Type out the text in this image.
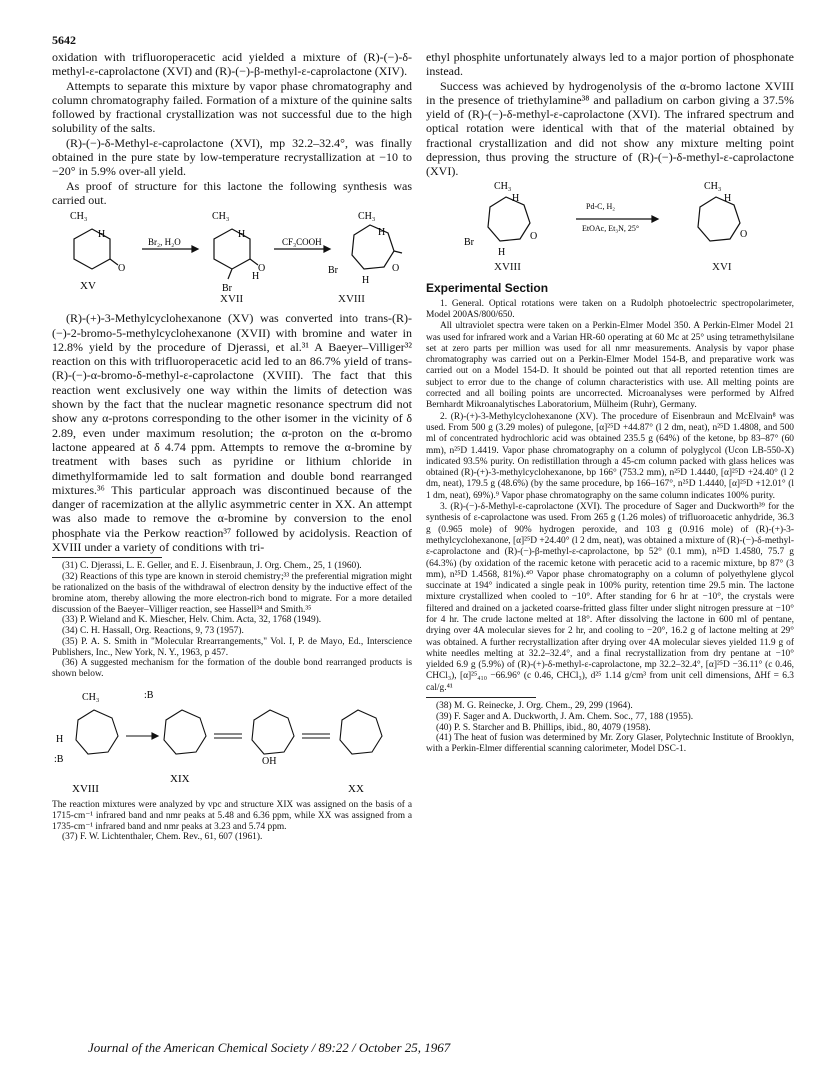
5642

oxidation with trifluoroperacetic acid yielded a mixture of (R)-(−)-δ-methyl-ε-caprolactone (XVI) and (R)-(−)-β-methyl-ε-caprolactone (XIV).

Attempts to separate this mixture by vapor phase chromatography and column chromatography failed. Formation of a mixture of the quinine salts followed by fractional crystallization was not successful due to the high solubility of the salts.

(R)-(−)-δ-Methyl-ε-caprolactone (XVI), mp 32.2–32.4°, was finally obtained in the pure state by low-temperature recrystallization at −10 to −20° in 5.9% over-all yield.

As proof of structure for this lactone the following synthesis was carried out.

CH₃
H
O
XV
Br₂, H₂O
CH₃
H
O
H
Br
CF₃COOH
CH₃
H
Br
H
O
XVII	XVIII

(R)-(+)-3-Methylcyclohexanone (XV) was converted into trans-(R)-(−)-2-bromo-5-methylcyclohexanone (XVII) with bromine and water in 12.8% yield by the procedure of Djerassi, et al.³¹ A Baeyer–Villiger³² reaction on this with trifluoroperacetic acid led to an 86.7% yield of trans-(R)-(−)-α-bromo-δ-methyl-ε-caprolactone (XVIII). The fact that this reaction went exclusively one way within the limits of detection was shown by the fact that the nuclear magnetic resonance spectrum did not show any α-protons corresponding to the other isomer in the vicinity of δ 2.89, even under maximum resolution; the α-proton on the α-bromo lactone appeared at δ 4.74 ppm. Attempts to remove the α-bromine by treatment with bases such as pyridine or lithium chloride in dimethylformamide led to salt formation and double bond rearranged mixtures.³⁶ This particular approach was discontinued because of the danger of racemization at the allylic asymmetric center in XX. An attempt was also made to remove the α-bromine by conversion to the enol phosphate via the Perkow reaction³⁷ followed by acidolysis. Reaction of XVIII under a variety of conditions with tri-

(31) C. Djerassi, L. E. Geller, and E. J. Eisenbraun, J. Org. Chem., 25, 1 (1960).

(32) Reactions of this type are known in steroid chemistry;³³ the preferential migration might be rationalized on the basis of the withdrawal of electron density by the inductive effect of the bromine atom, thereby allowing the more electron-rich bond to migrate. For a more detailed discussion of the Baeyer–Villiger reaction, see Hassell³⁴ and Smith.³⁵

(33) P. Wieland and K. Miescher, Helv. Chim. Acta, 32, 1768 (1949).

(34) C. H. Hassall, Org. Reactions, 9, 73 (1957).

(35) P. A. S. Smith in "Molecular Rrearrangements," Vol. I, P. de Mayo, Ed., Interscience Publishers, Inc., New York, N. Y., 1963, p 457.

(36) A suggested mechanism for the formation of the double bond rearranged products is shown below.

CH₃
H
:B
:B
OH
XVIII
XIX
XX

The reaction mixtures were analyzed by vpc and structure XIX was assigned on the basis of a 1715-cm⁻¹ infrared band and nmr peaks at 5.48 and 6.36 ppm, while XX was assigned from a 1735-cm⁻¹ infrared band and nmr peaks at 3.23 and 5.74 ppm.

(37) F. W. Lichtenthaler, Chem. Rev., 61, 607 (1961).

ethyl phosphite unfortunately always led to a major portion of phosphonate instead.

Success was achieved by hydrogenolysis of the α-bromo lactone XVIII in the presence of triethylamine³⁸ and palladium on carbon giving a 37.5% yield of (R)-(−)-δ-methyl-ε-caprolactone (XVI). The infrared spectrum and optical rotation were identical with that of the material obtained by fractional crystallization and did not show any mixture melting point depression, thus proving the structure of (R)-(−)-δ-methyl-ε-caprolactone (XVI).

CH₃
H
Br
H
O
Pd-C, H₂
EtOAc, Et₃N, 25°
CH₃
H
O
XVIII	XVI
Experimental Section

1. General. Optical rotations were taken on a Rudolph photoelectric spectropolarimeter, Model 200AS/800/650.

All ultraviolet spectra were taken on a Perkin-Elmer Model 350. A Perkin-Elmer Model 21 was used for infrared work and a Varian HR-60 operating at 60 Mc at 25° using tetramethylsilane set at zero parts per million was used for all nmr measurements. Analysis by vapor phase chromatography was carried out on a Perkin-Elmer Model 154-B, and preparative work was carried out on a Model 154-D. It should be pointed out that all reported retention times are subject to error due to the change of column characteristics with use. All melting points are corrected and all boiling points are uncorrected. Microanalyses were performed by Alfred Bernhardt Mikroanalytisches Laboratorium, Mülheim (Ruhr), Germany.

2. (R)-(+)-3-Methylcyclohexanone (XV). The procedure of Eisenbraun and McElvain⁸ was used. From 500 g (3.29 moles) of pulegone, [α]²⁵D +44.87° (l 2 dm, neat), n²⁵D 1.4808, and 500 ml of concentrated hydrochloric acid was obtained 235.5 g (64%) of the ketone, bp 83–87° (60 mm), n²⁵D 1.4419. Vapor phase chromatography on a column of polyglycol (Ucon LB-550-X) indicated 93.5% purity. On redistillation through a 45-cm column packed with glass helices was obtained (R)-(+)-3-methylcyclohexanone, bp 166° (753.2 mm), n²⁵D 1.4440, [α]²⁵D +24.40° (l 2 dm, neat), 179.5 g (48.6%) (by the same procedure, bp 166–167°, n²⁵D 1.4440, [α]²⁵D +12.01° (l 1 dm, neat), 69%).⁹ Vapor phase chromatography on the same column indicates 100% purity.

3. (R)-(−)-δ-Methyl-ε-caprolactone (XVI). The procedure of Sager and Duckworth³⁹ for the synthesis of ε-caprolactone was used. From 265 g (1.26 moles) of trifluoroacetic anhydride, 36.3 g (0.965 mole) of 90% hydrogen peroxide, and 103 g (0.916 mole) of (R)-(+)-3-methylcyclohexanone, [α]²⁵D +24.40° (l 2 dm, neat), was obtained a mixture of (R)-(−)-δ-methyl-ε-caprolactone and (R)-(−)-β-methyl-ε-caprolactone, bp 52° (0.1 mm), n²⁵D 1.4580, 75.7 g (64.3%) (by oxidation of the racemic ketone with peracetic acid to a racemic mixture, bp 87° (3 mm), n²⁵D 1.4568, 81%).⁴⁰ Vapor phase chromatography on a column of polyethylene glycol succinate at 194° indicated a single peak in 100% purity, retention time 29.5 min. The lactone mixture crystallized when cooled to −10°. After standing for 6 hr at −10°, the crystals were filtered and drained on a jacketed coarse-fritted glass filter under slight nitrogen pressure at −10° for 4 hr. The crude lactone melted at 18°. After dissolving the lactone in 600 ml of pentane, drying over 4A molecular sieves for 2 hr, and cooling to −20°, 16.2 g of lactone melting at 29° was obtained. A further recrystallization after drying over 4A molecular sieves yielded 11.9 g of white needles melting at 32.2–32.4°, and a final recrystallization from dry pentane at −10° yielded 6.9 g (5.9%) of (R)-(+)-δ-methyl-ε-caprolactone, mp 32.2–32.4°, [α]²⁵D −36.11° (c 0.46, CHCl₃), [α]²⁵₄₁₀ −66.96° (c 0.46, CHCl₃), d²⁵ 1.14 g/cm³ from unit cell dimensions, ΔHf = 6.3 cal/g.⁴¹

(38) M. G. Reinecke, J. Org. Chem., 29, 299 (1964).

(39) F. Sager and A. Duckworth, J. Am. Chem. Soc., 77, 188 (1955).

(40) P. S. Starcher and B. Phillips, ibid., 80, 4079 (1958).

(41) The heat of fusion was determined by Mr. Zory Glaser, Polytechnic Institute of Brooklyn, with a Perkin-Elmer differential scanning calorimeter, Model DSC-1.

Journal of the American Chemical Society / 89:22 / October 25, 1967
